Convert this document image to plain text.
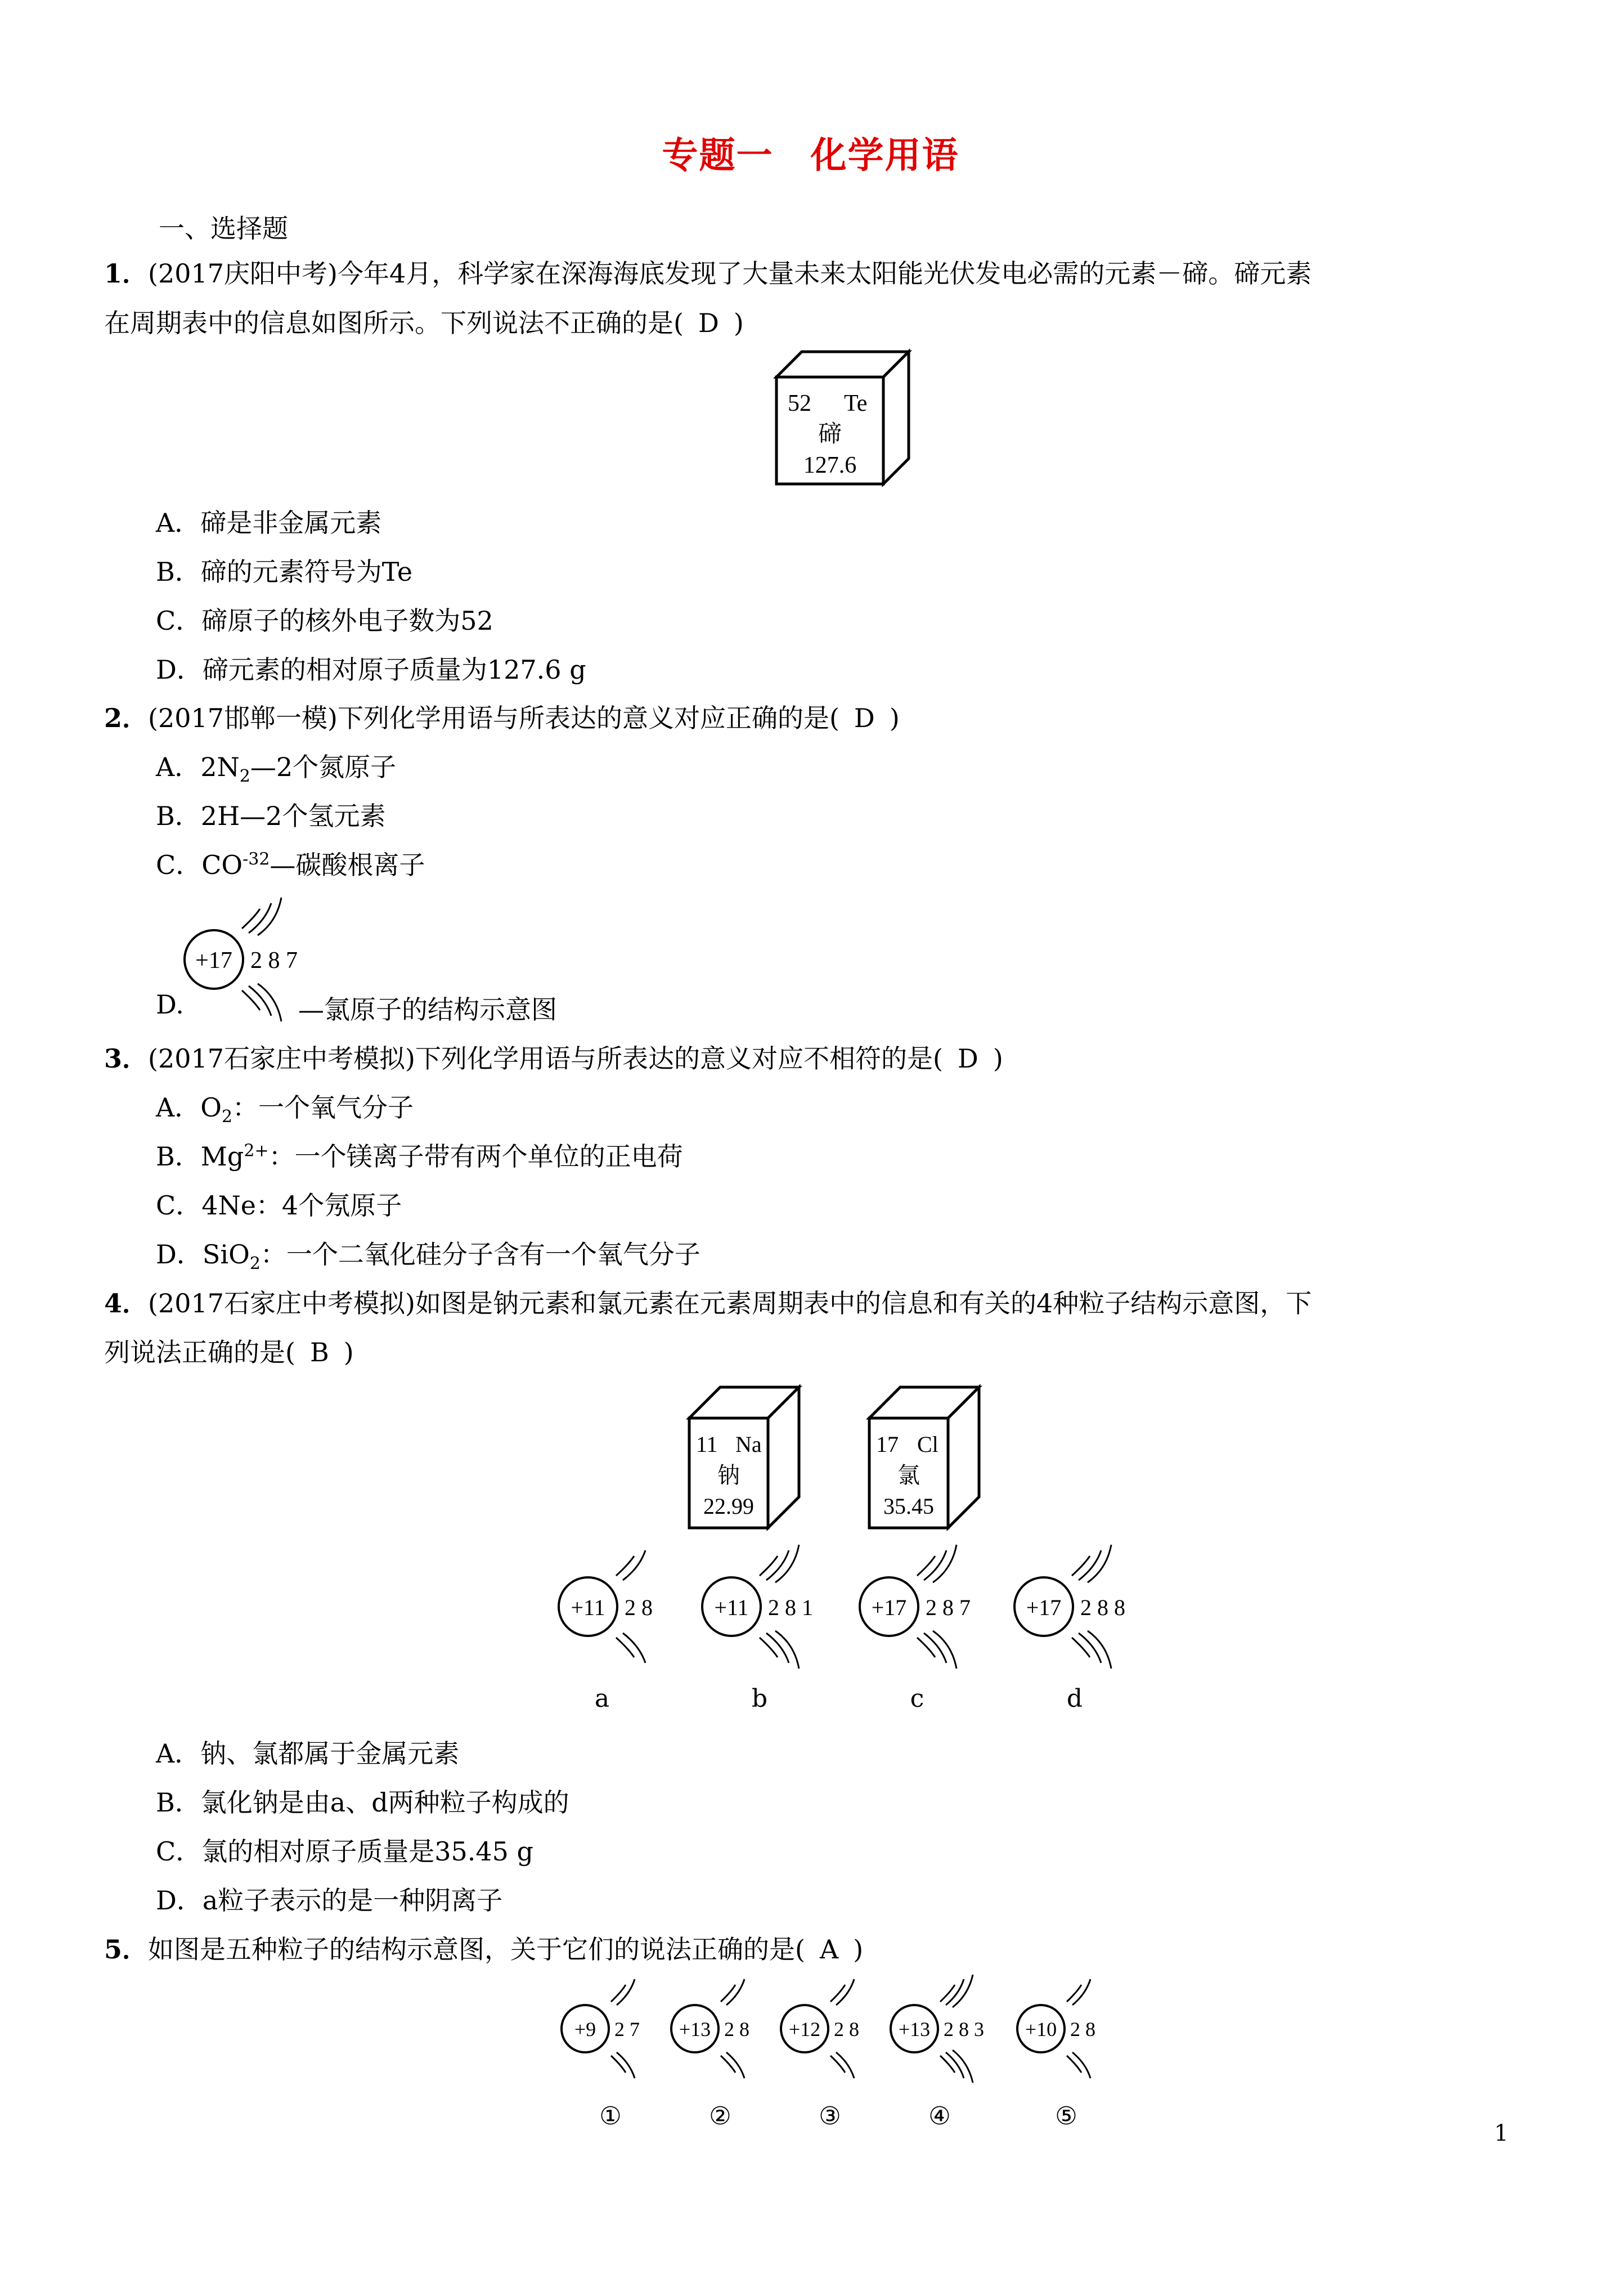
专题一　化学用语
一、选择题
1．(2017庆阳中考)今年4月，科学家在深海海底发现了大量未来太阳能光伏发电必需的元素－碲。碲元素
在周期表中的信息如图所示。下列说法不正确的是( D )
52 Te
碲
127.6
A．碲是非金属元素
B．碲的元素符号为Te
C．碲原子的核外电子数为52
D．碲元素的相对原子质量为127.6 g
2．(2017邯郸一模)下列化学用语与所表达的意义对应正确的是( D )
A．$2N_2—2$个氮原子
B．2H—2个氢元素
C．$CO^{-32}—$碳酸根离子
+17 2 8 7
D.	—氯原子的结构示意图
3．(2017石家庄中考模拟)下列化学用语与所表达的意义对应不相符的是( D )
A．$O_2$：一个氧气分子
B．$Mg^{2+}$：一个镁离子带有两个单位的正电荷
C．4Ne：4个氖原子
D．SiO$_2$：一个二氧化硅分子含有一个氧气分子
4．(2017石家庄中考模拟)如图是钠元素和氯元素在元素周期表中的信息和有关的4种粒子结构示意图，下
列说法正确的是( B )
11 Na
钠
22.99
17 Cl
氯
35.45
+11 2 8	+11 2 8 1	+17 2 8 7 +17 2 8 8
a	b	c	d
A．钠、氯都属于金属元素
B．氯化钠是由a、d两种粒子构成的
C．氯的相对原子质量是35.45 g
D．a粒子表示的是一种阴离子
5．如图是五种粒子的结构示意图，关于它们的说法正确的是( A )
+9 2 7 +13 2 8 +12 2 8 +13 2 8 3 +10 2 8
①	②	③	④	⑤
1
